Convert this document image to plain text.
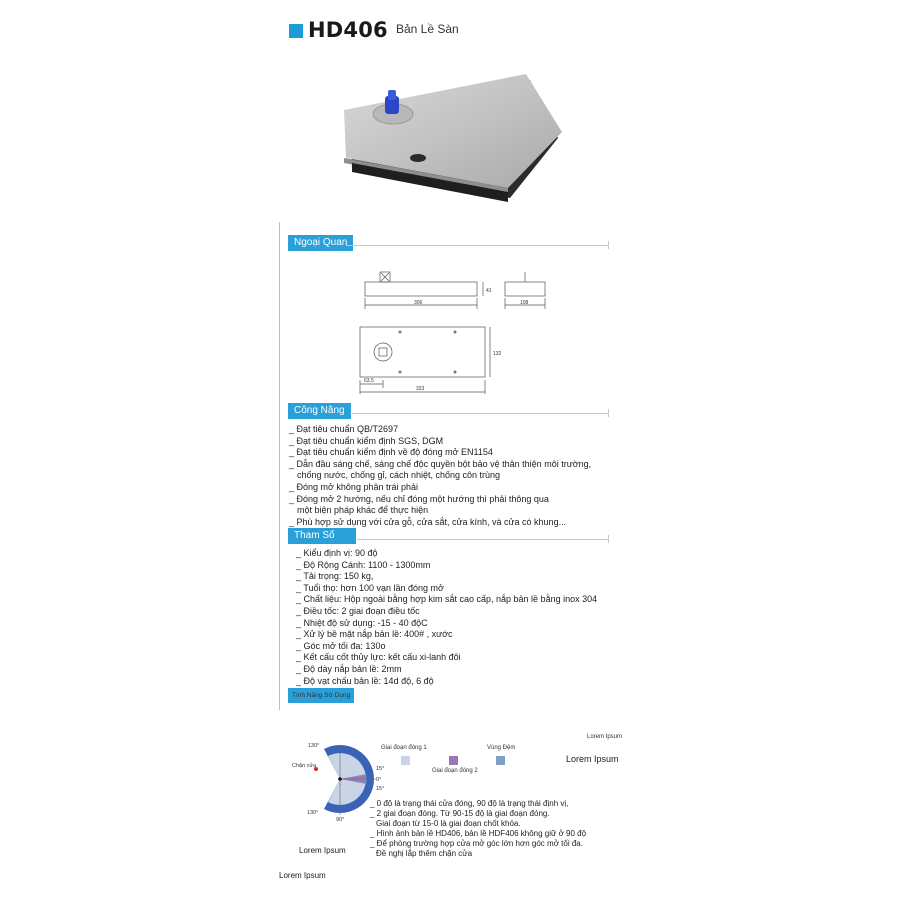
HD406 Bản Lề Sàn
Ngoại Quan
306
41
108
132
63.5
323
Công Năng
_ Đạt tiêu chuẩn QB/T2697
_ Đạt tiêu chuẩn kiểm định SGS, DGM
_ Đạt tiêu chuẩn kiểm định về độ đóng mở EN1154
_ Dẫn đầu sáng chế, sáng chế độc quyền bột bảo vệ thân thiện môi trường,
chống nước, chống gỉ, cách nhiệt, chống côn trùng
_ Đóng mở không phân trái phải
_ Đóng mở 2 hướng, nếu chỉ đóng một hướng thì phải thông qua
một biện pháp khác để thực hiện
_ Phù hợp sử dụng với cửa gỗ, cửa sắt, cửa kính, và cửa có khung...
Tham Số
_ Kiểu định vị: 90 độ
_ Độ Rộng Cánh: 1100 - 1300mm
_ Tải trọng: 150 kg,
_ Tuổi thọ: hơn 100 vạn lần đóng mở
_ Chất liệu: Hộp ngoài bằng hợp kim sắt cao cấp, nắp bản lề bằng inox 304
_ Điều tốc: 2 giai đoạn điều tốc
_ Nhiệt độ sử dụng: -15 - 40 độC
_ Xử lý bề mặt nắp bản lề: 400# , xước
_ Góc mở tối đa: 130o
_ Kết cấu cốt thủy lực: kết cấu xi-lanh đôi
_ Độ dày nắp bản lề: 2mm
_ Độ vạt chấu bản lề: 14d độ, 6 độ
Tính Năng Sử Dụng
130°
Chặn cửa	15°
0°
15°
130°
90°
Giai đoạn đóng 1
Giai đoạn đóng 2
Vùng Đệm
Lorem Ipsum
Lorem Ipsum
_ 0 độ là trạng thái cửa đóng, 90 độ là trạng thái định vị,
_ 2 giai đoạn đóng. Từ 90-15 độ là giai đoạn đóng.
Giai đoạn từ 15-0 là giai đoạn chốt khóa.
_ Hình ảnh bản lề HD406, bản lề HDF406 không giữ ở 90 độ
_ Để phòng trường hợp cửa mở góc lớn hơn góc mở tối đa.
Đề nghị lắp thêm chặn cửa
Lorem Ipsum
Lorem Ipsum
